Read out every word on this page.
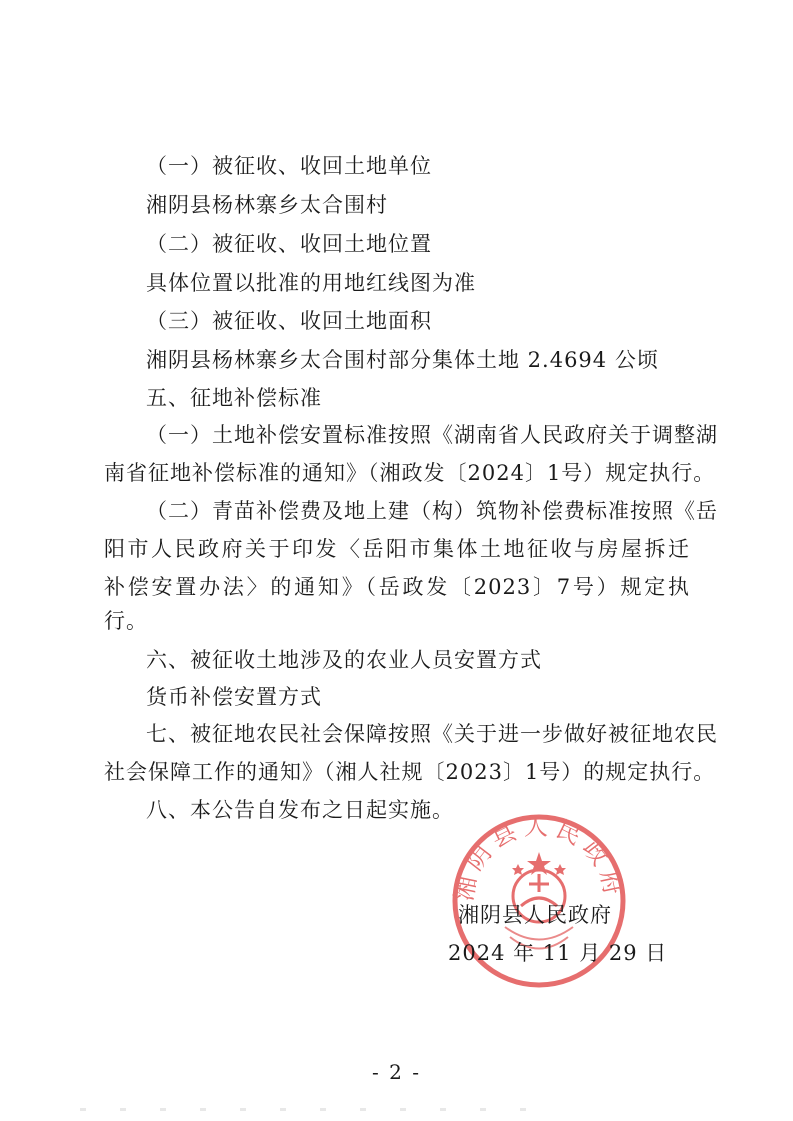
（一）被征收、收回土地单位
湘阴县杨林寨乡太合围村
（二）被征收、收回土地位置
具体位置以批准的用地红线图为准
（三）被征收、收回土地面积
湘阴县杨林寨乡太合围村部分集体土地 2.4694 公顷
五、征地补偿标准
（一）土地补偿安置标准按照《湖南省人民政府关于调整湖
南省征地补偿标准的通知》（湘政发〔2024〕1号）规定执行。
（二）青苗补偿费及地上建（构）筑物补偿费标准按照《岳
阳市人民政府关于印发〈岳阳市集体土地征收与房屋拆迁
补偿安置办法〉的通知》（岳政发〔2023〕7号）规定执
行。
六、被征收土地涉及的农业人员安置方式
货币补偿安置方式
七、被征地农民社会保障按照《关于进一步做好被征地农民
社会保障工作的通知》（湘人社规〔2023〕1号）的规定执行。
八、本公告自发布之日起实施。
湘阴县人民政府
湘阴县人民政府
2024 年 11 月 29 日
- 2 -
